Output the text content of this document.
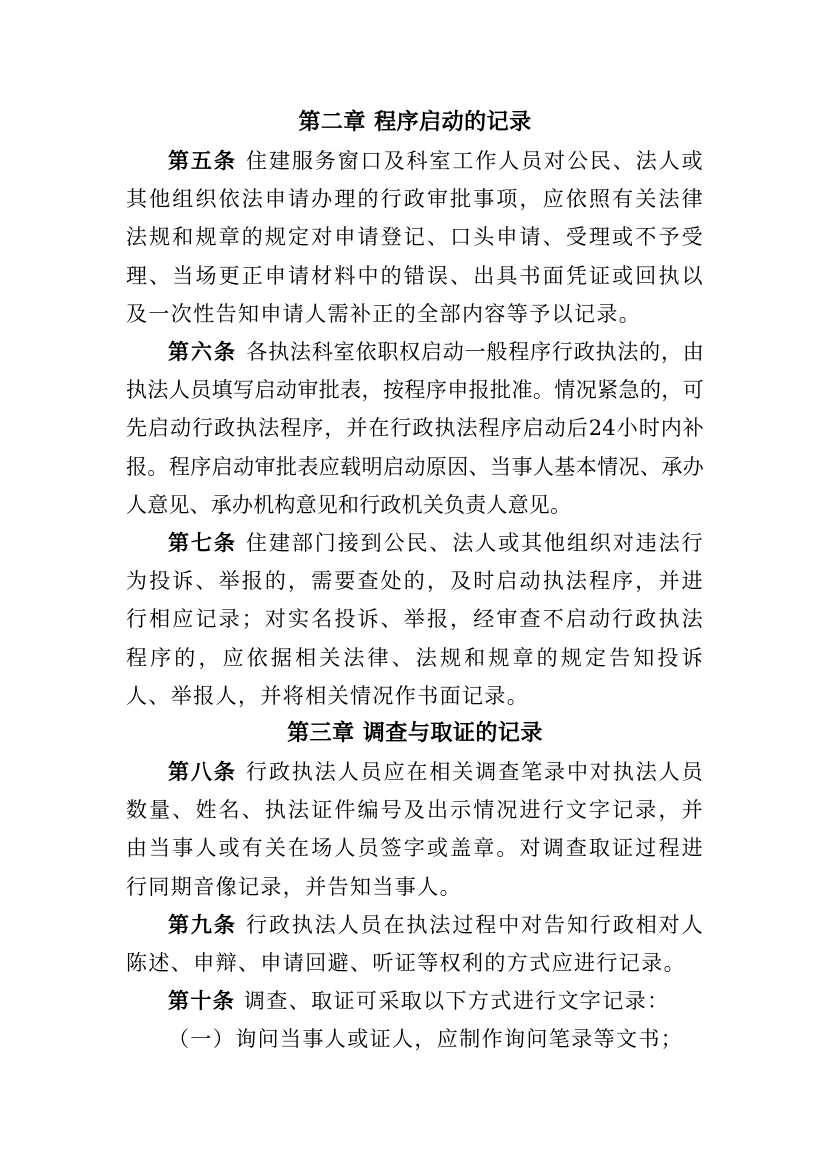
第二章 程序启动的记录

第五条 住建服务窗口及科室工作人员对公民、法人或其他组织依法申请办理的行政审批事项，应依照有关法律法规和规章的规定对申请登记、口头申请、受理或不予受理、当场更正申请材料中的错误、出具书面凭证或回执以及一次性告知申请人需补正的全部内容等予以记录。

第六条 各执法科室依职权启动一般程序行政执法的，由执法人员填写启动审批表，按程序申报批准。情况紧急的，可先启动行政执法程序，并在行政执法程序启动后24小时内补报。程序启动审批表应载明启动原因、当事人基本情况、承办人意见、承办机构意见和行政机关负责人意见。

第七条 住建部门接到公民、法人或其他组织对违法行为投诉、举报的，需要查处的，及时启动执法程序，并进行相应记录；对实名投诉、举报，经审查不启动行政执法程序的，应依据相关法律、法规和规章的规定告知投诉人、举报人，并将相关情况作书面记录。

第三章 调查与取证的记录

第八条 行政执法人员应在相关调查笔录中对执法人员数量、姓名、执法证件编号及出示情况进行文字记录，并由当事人或有关在场人员签字或盖章。对调查取证过程进行同期音像记录，并告知当事人。

第九条 行政执法人员在执法过程中对告知行政相对人陈述、申辩、申请回避、听证等权利的方式应进行记录。

第十条 调查、取证可采取以下方式进行文字记录：

（一）询问当事人或证人，应制作询问笔录等文书；
